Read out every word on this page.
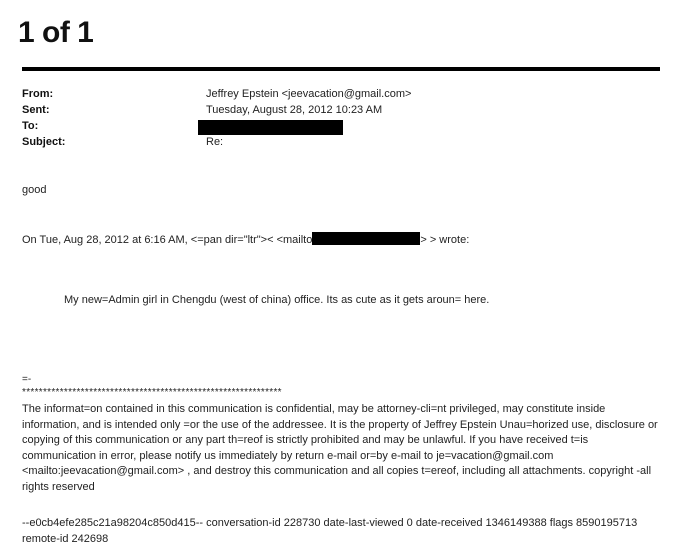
1 of 1
From:	Jeffrey Epstein <jeevacation@gmail.com>
Sent:	Tuesday, August 28, 2012 10:23 AM
To:
Subject:	Re:
good
On Tue, Aug 28, 2012 at 6:16 AM, <=pan dir="ltr">< <mailto	> > wrote:
My new=Admin girl in Chengdu (west of china) office. Its as cute as it gets aroun= here.
=-
**************************************************************
The informat=on contained in this communication is confidential, may be attorney-cli=nt privileged, may constitute inside information, and is intended only =or the use of the addressee. It is the property of Jeffrey Epstein Unau=horized use, disclosure or copying of this communication or any part th=reof is strictly prohibited and may be unlawful. If you have received t=is communication in error, please notify us immediately by return e-mail or=by e-mail to je=vacation@gmail.com <mailto:jeevacation@gmail.com> , and destroy this communication and all copies t=ereof, including all attachments. copyright -all rights reserved
--e0cb4efe285c21a98204c850d415-- conversation-id 228730 date-last-viewed 0 date-received 1346149388 flags 8590195713 remote-id 242698
